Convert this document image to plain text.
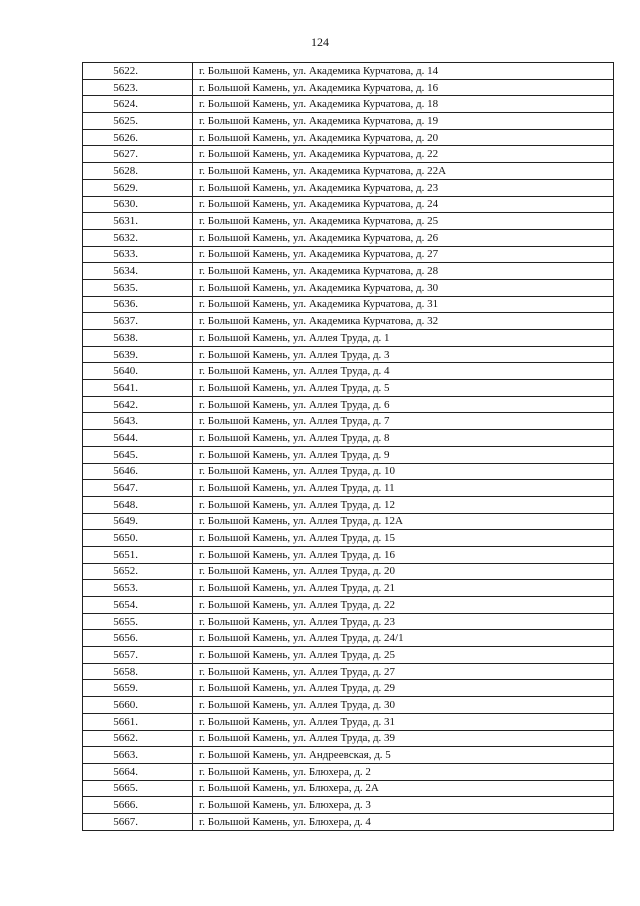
124
5622.	г. Большой Камень, ул. Академика Курчатова, д. 14
5623.	г. Большой Камень, ул. Академика Курчатова, д. 16
5624.	г. Большой Камень, ул. Академика Курчатова, д. 18
5625.	г. Большой Камень, ул. Академика Курчатова, д. 19
5626.	г. Большой Камень, ул. Академика Курчатова, д. 20
5627.	г. Большой Камень, ул. Академика Курчатова, д. 22
5628.	г. Большой Камень, ул. Академика Курчатова, д. 22А
5629.	г. Большой Камень, ул. Академика Курчатова, д. 23
5630.	г. Большой Камень, ул. Академика Курчатова, д. 24
5631.	г. Большой Камень, ул. Академика Курчатова, д. 25
5632.	г. Большой Камень, ул. Академика Курчатова, д. 26
5633.	г. Большой Камень, ул. Академика Курчатова, д. 27
5634.	г. Большой Камень, ул. Академика Курчатова, д. 28
5635.	г. Большой Камень, ул. Академика Курчатова, д. 30
5636.	г. Большой Камень, ул. Академика Курчатова, д. 31
5637.	г. Большой Камень, ул. Академика Курчатова, д. 32
5638.	г. Большой Камень, ул. Аллея Труда, д. 1
5639.	г. Большой Камень, ул. Аллея Труда, д. 3
5640.	г. Большой Камень, ул. Аллея Труда, д. 4
5641.	г. Большой Камень, ул. Аллея Труда, д. 5
5642.	г. Большой Камень, ул. Аллея Труда, д. 6
5643.	г. Большой Камень, ул. Аллея Труда, д. 7
5644.	г. Большой Камень, ул. Аллея Труда, д. 8
5645.	г. Большой Камень, ул. Аллея Труда, д. 9
5646.	г. Большой Камень, ул. Аллея Труда, д. 10
5647.	г. Большой Камень, ул. Аллея Труда, д. 11
5648.	г. Большой Камень, ул. Аллея Труда, д. 12
5649.	г. Большой Камень, ул. Аллея Труда, д. 12А
5650.	г. Большой Камень, ул. Аллея Труда, д. 15
5651.	г. Большой Камень, ул. Аллея Труда, д. 16
5652.	г. Большой Камень, ул. Аллея Труда, д. 20
5653.	г. Большой Камень, ул. Аллея Труда, д. 21
5654.	г. Большой Камень, ул. Аллея Труда, д. 22
5655.	г. Большой Камень, ул. Аллея Труда, д. 23
5656.	г. Большой Камень, ул. Аллея Труда, д. 24/1
5657.	г. Большой Камень, ул. Аллея Труда, д. 25
5658.	г. Большой Камень, ул. Аллея Труда, д. 27
5659.	г. Большой Камень, ул. Аллея Труда, д. 29
5660.	г. Большой Камень, ул. Аллея Труда, д. 30
5661.	г. Большой Камень, ул. Аллея Труда, д. 31
5662.	г. Большой Камень, ул. Аллея Труда, д. 39
5663.	г. Большой Камень, ул. Андреевская, д. 5
5664.	г. Большой Камень, ул. Блюхера, д. 2
5665.	г. Большой Камень, ул. Блюхера, д. 2А
5666.	г. Большой Камень, ул. Блюхера, д. 3
5667.	г. Большой Камень, ул. Блюхера, д. 4
